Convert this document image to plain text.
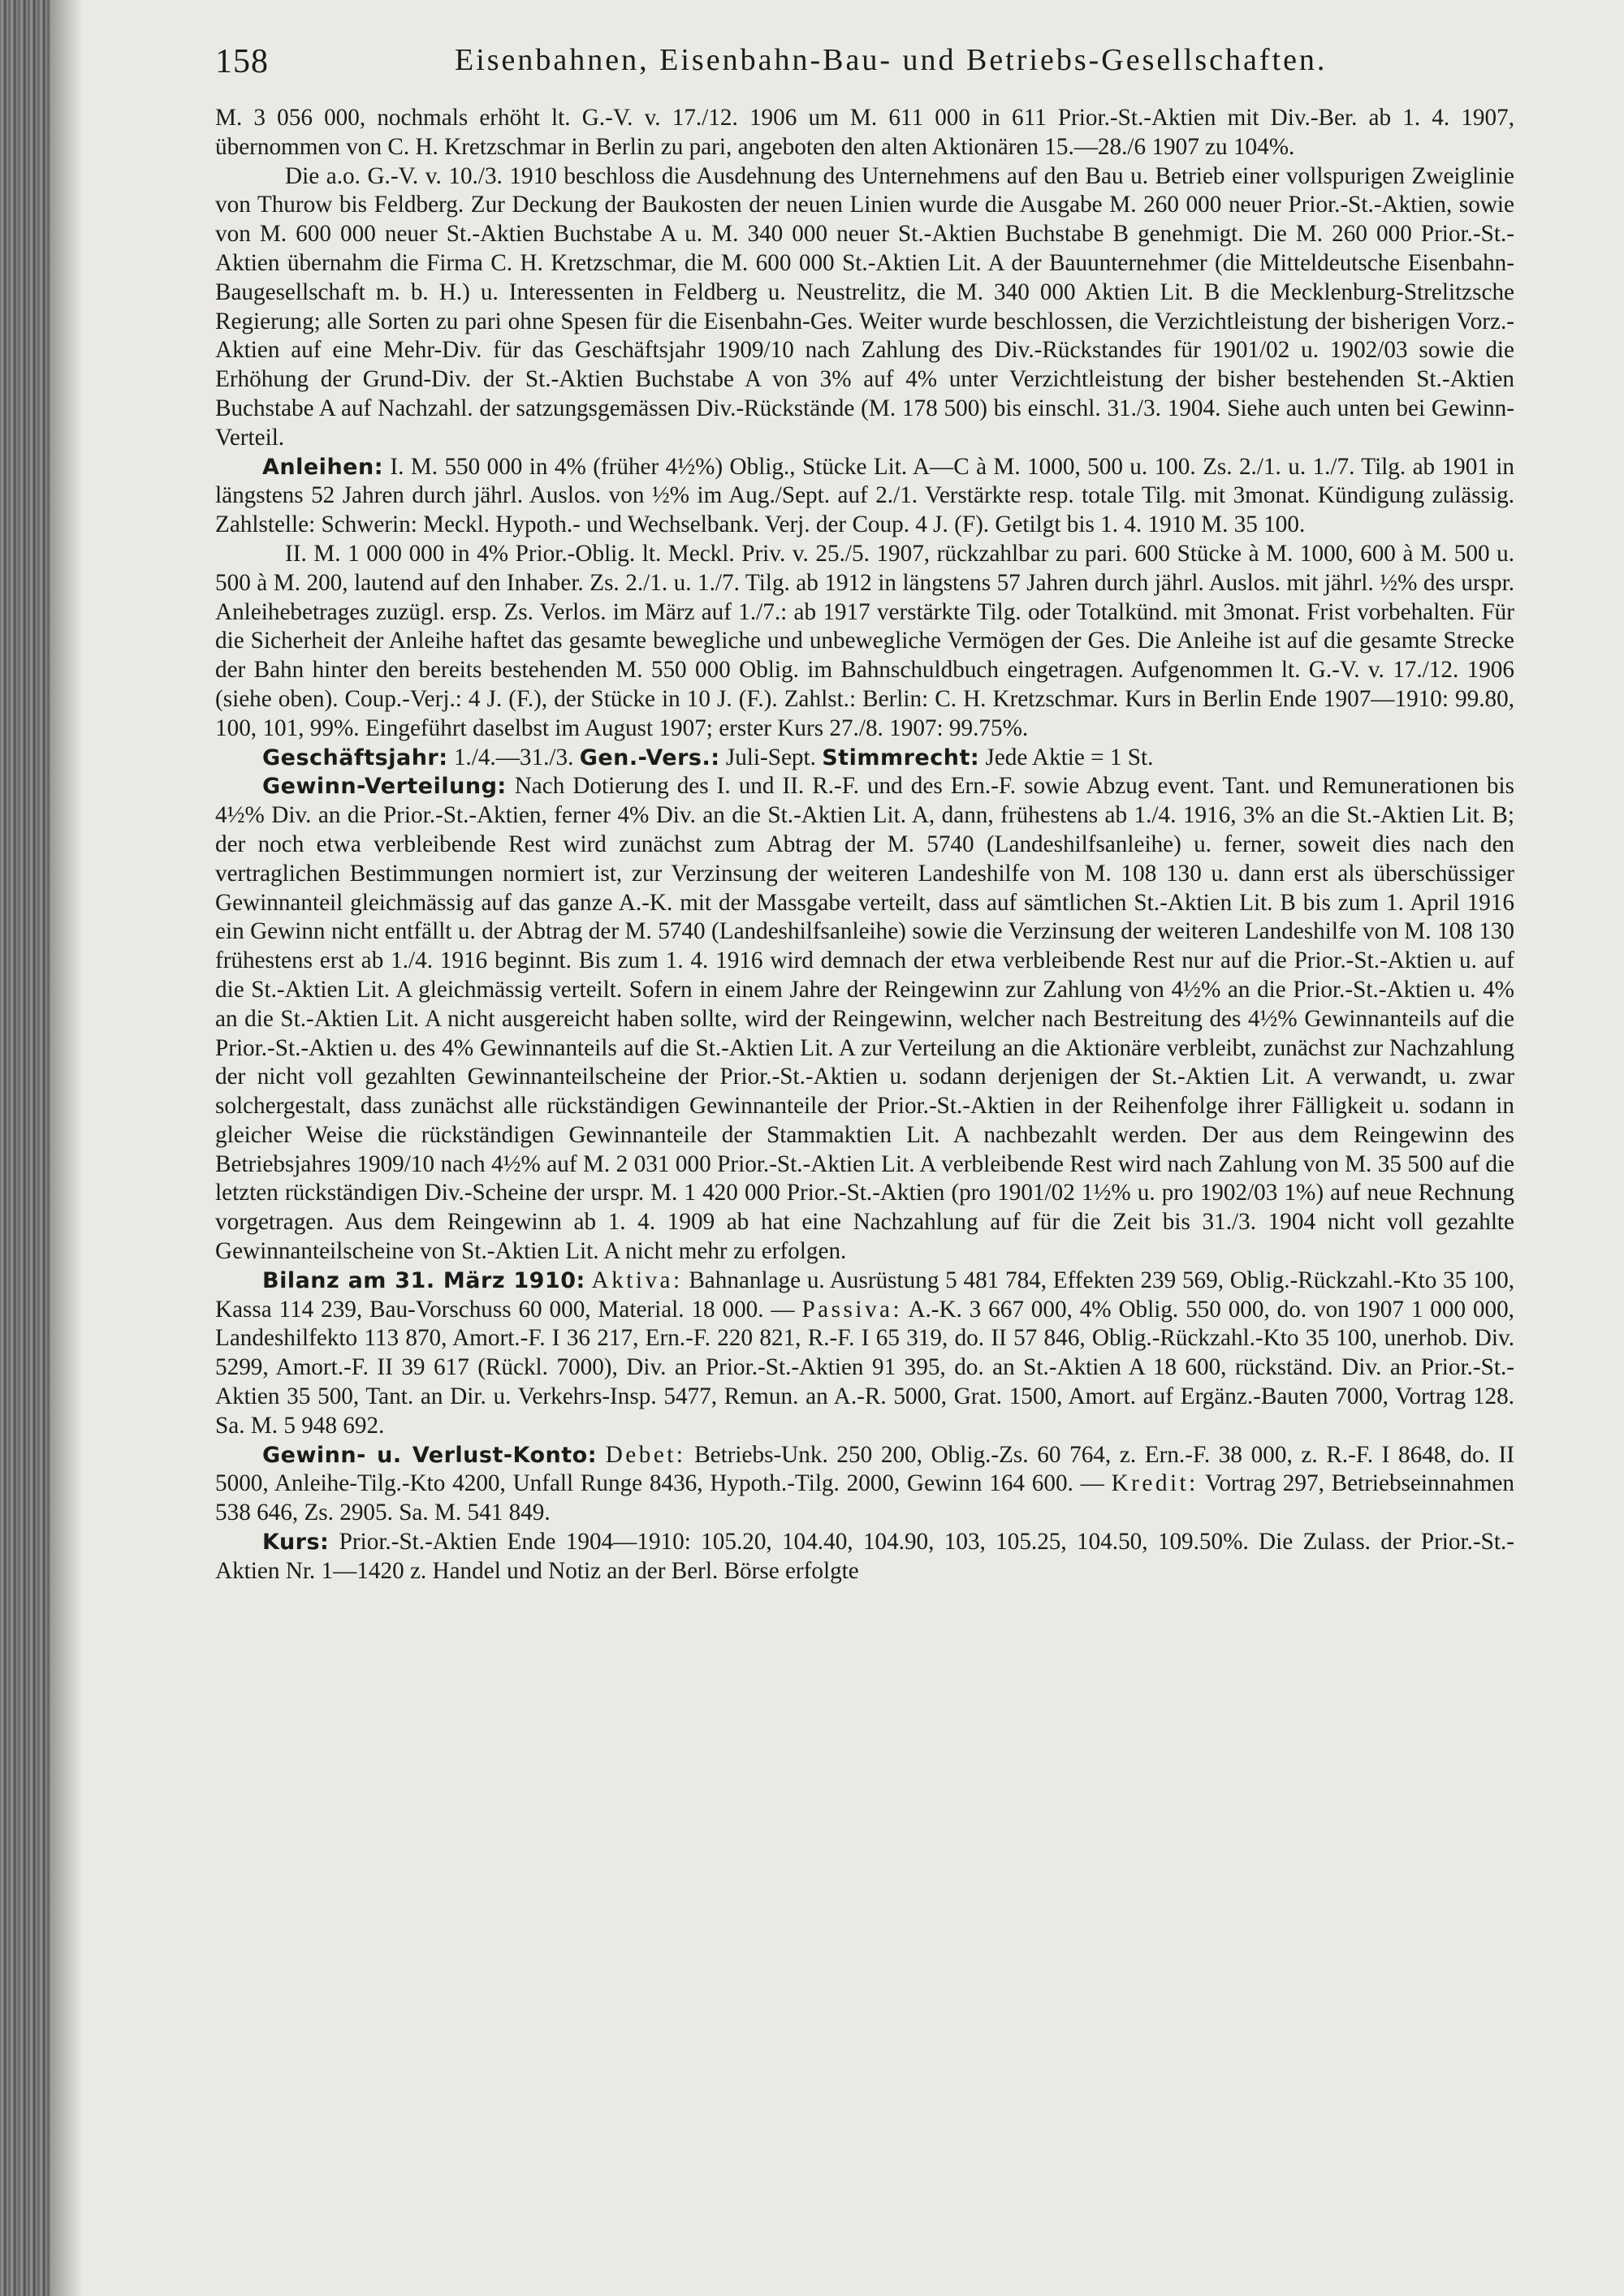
158	Eisenbahnen, Eisenbahn-Bau- und Betriebs-Gesellschaften.

M. 3 056 000, nochmals erhöht lt. G.-V. v. 17./12. 1906 um M. 611 000 in 611 Prior.-St.-Aktien mit Div.-Ber. ab 1. 4. 1907, übernommen von C. H. Kretzschmar in Berlin zu pari, angeboten den alten Aktionären 15.—28./6 1907 zu 104%.

Die a.o. G.-V. v. 10./3. 1910 beschloss die Ausdehnung des Unternehmens auf den Bau u. Betrieb einer vollspurigen Zweiglinie von Thurow bis Feldberg. Zur Deckung der Baukosten der neuen Linien wurde die Ausgabe M. 260 000 neuer Prior.-St.-Aktien, sowie von M. 600 000 neuer St.-Aktien Buchstabe A u. M. 340 000 neuer St.-Aktien Buchstabe B genehmigt. Die M. 260 000 Prior.-St.-Aktien übernahm die Firma C. H. Kretzschmar, die M. 600 000 St.-Aktien Lit. A der Bauunternehmer (die Mitteldeutsche Eisenbahn-Baugesellschaft m. b. H.) u. Interessenten in Feldberg u. Neustrelitz, die M. 340 000 Aktien Lit. B die Mecklenburg-Strelitzsche Regierung; alle Sorten zu pari ohne Spesen für die Eisenbahn-Ges. Weiter wurde beschlossen, die Verzichtleistung der bisherigen Vorz.-Aktien auf eine Mehr-Div. für das Geschäftsjahr 1909/10 nach Zahlung des Div.-Rückstandes für 1901/02 u. 1902/03 sowie die Erhöhung der Grund-Div. der St.-Aktien Buchstabe A von 3% auf 4% unter Verzichtleistung der bisher bestehenden St.-Aktien Buchstabe A auf Nachzahl. der satzungsgemässen Div.-Rückstände (M. 178 500) bis einschl. 31./3. 1904. Siehe auch unten bei Gewinn-Verteil.

Anleihen: I. M. 550 000 in 4% (früher 4½%) Oblig., Stücke Lit. A—C à M. 1000, 500 u. 100. Zs. 2./1. u. 1./7. Tilg. ab 1901 in längstens 52 Jahren durch jährl. Auslos. von ½% im Aug./Sept. auf 2./1. Verstärkte resp. totale Tilg. mit 3monat. Kündigung zulässig. Zahlstelle: Schwerin: Meckl. Hypoth.- und Wechselbank. Verj. der Coup. 4 J. (F). Getilgt bis 1. 4. 1910 M. 35 100.

II. M. 1 000 000 in 4% Prior.-Oblig. lt. Meckl. Priv. v. 25./5. 1907, rückzahlbar zu pari. 600 Stücke à M. 1000, 600 à M. 500 u. 500 à M. 200, lautend auf den Inhaber. Zs. 2./1. u. 1./7. Tilg. ab 1912 in längstens 57 Jahren durch jährl. Auslos. mit jährl. ½% des urspr. Anleihebetrages zuzügl. ersp. Zs. Verlos. im März auf 1./7.: ab 1917 verstärkte Tilg. oder Totalkünd. mit 3monat. Frist vorbehalten. Für die Sicherheit der Anleihe haftet das gesamte bewegliche und unbewegliche Vermögen der Ges. Die Anleihe ist auf die gesamte Strecke der Bahn hinter den bereits bestehenden M. 550 000 Oblig. im Bahnschuldbuch eingetragen. Aufgenommen lt. G.-V. v. 17./12. 1906 (siehe oben). Coup.-Verj.: 4 J. (F.), der Stücke in 10 J. (F.). Zahlst.: Berlin: C. H. Kretzschmar. Kurs in Berlin Ende 1907—1910: 99.80, 100, 101, 99%. Eingeführt daselbst im August 1907; erster Kurs 27./8. 1907: 99.75%.

Geschäftsjahr: 1./4.—31./3. Gen.-Vers.: Juli-Sept. Stimmrecht: Jede Aktie = 1 St.

Gewinn-Verteilung: Nach Dotierung des I. und II. R.-F. und des Ern.-F. sowie Abzug event. Tant. und Remunerationen bis 4½% Div. an die Prior.-St.-Aktien, ferner 4% Div. an die St.-Aktien Lit. A, dann, frühestens ab 1./4. 1916, 3% an die St.-Aktien Lit. B; der noch etwa verbleibende Rest wird zunächst zum Abtrag der M. 5740 (Landeshilfsanleihe) u. ferner, soweit dies nach den vertraglichen Bestimmungen normiert ist, zur Verzinsung der weiteren Landeshilfe von M. 108 130 u. dann erst als überschüssiger Gewinnanteil gleichmässig auf das ganze A.-K. mit der Massgabe verteilt, dass auf sämtlichen St.-Aktien Lit. B bis zum 1. April 1916 ein Gewinn nicht entfällt u. der Abtrag der M. 5740 (Landeshilfsanleihe) sowie die Verzinsung der weiteren Landeshilfe von M. 108 130 frühestens erst ab 1./4. 1916 beginnt. Bis zum 1. 4. 1916 wird demnach der etwa verbleibende Rest nur auf die Prior.-St.-Aktien u. auf die St.-Aktien Lit. A gleichmässig verteilt. Sofern in einem Jahre der Reingewinn zur Zahlung von 4½% an die Prior.-St.-Aktien u. 4% an die St.-Aktien Lit. A nicht ausgereicht haben sollte, wird der Reingewinn, welcher nach Bestreitung des 4½% Gewinnanteils auf die Prior.-St.-Aktien u. des 4% Gewinnanteils auf die St.-Aktien Lit. A zur Verteilung an die Aktionäre verbleibt, zunächst zur Nachzahlung der nicht voll gezahlten Gewinnanteilscheine der Prior.-St.-Aktien u. sodann derjenigen der St.-Aktien Lit. A verwandt, u. zwar solchergestalt, dass zunächst alle rückständigen Gewinnanteile der Prior.-St.-Aktien in der Reihenfolge ihrer Fälligkeit u. sodann in gleicher Weise die rückständigen Gewinnanteile der Stammaktien Lit. A nachbezahlt werden. Der aus dem Reingewinn des Betriebsjahres 1909/10 nach 4½% auf M. 2 031 000 Prior.-St.-Aktien Lit. A verbleibende Rest wird nach Zahlung von M. 35 500 auf die letzten rückständigen Div.-Scheine der urspr. M. 1 420 000 Prior.-St.-Aktien (pro 1901/02 1½% u. pro 1902/03 1%) auf neue Rechnung vorgetragen. Aus dem Reingewinn ab 1. 4. 1909 ab hat eine Nachzahlung auf für die Zeit bis 31./3. 1904 nicht voll gezahlte Gewinnanteilscheine von St.-Aktien Lit. A nicht mehr zu erfolgen.

Bilanz am 31. März 1910: Aktiva: Bahnanlage u. Ausrüstung 5 481 784, Effekten 239 569, Oblig.-Rückzahl.-Kto 35 100, Kassa 114 239, Bau-Vorschuss 60 000, Material. 18 000. — Passiva: A.-K. 3 667 000, 4% Oblig. 550 000, do. von 1907 1 000 000, Landeshilfekto 113 870, Amort.-F. I 36 217, Ern.-F. 220 821, R.-F. I 65 319, do. II 57 846, Oblig.-Rückzahl.-Kto 35 100, unerhob. Div. 5299, Amort.-F. II 39 617 (Rückl. 7000), Div. an Prior.-St.-Aktien 91 395, do. an St.-Aktien A 18 600, rückständ. Div. an Prior.-St.-Aktien 35 500, Tant. an Dir. u. Verkehrs-Insp. 5477, Remun. an A.-R. 5000, Grat. 1500, Amort. auf Ergänz.-Bauten 7000, Vortrag 128. Sa. M. 5 948 692.

Gewinn- u. Verlust-Konto: Debet: Betriebs-Unk. 250 200, Oblig.-Zs. 60 764, z. Ern.-F. 38 000, z. R.-F. I 8648, do. II 5000, Anleihe-Tilg.-Kto 4200, Unfall Runge 8436, Hypoth.-Tilg. 2000, Gewinn 164 600. — Kredit: Vortrag 297, Betriebseinnahmen 538 646, Zs. 2905. Sa. M. 541 849.

Kurs: Prior.-St.-Aktien Ende 1904—1910: 105.20, 104.40, 104.90, 103, 105.25, 104.50, 109.50%. Die Zulass. der Prior.-St.-Aktien Nr. 1—1420 z. Handel und Notiz an der Berl. Börse erfolgte
